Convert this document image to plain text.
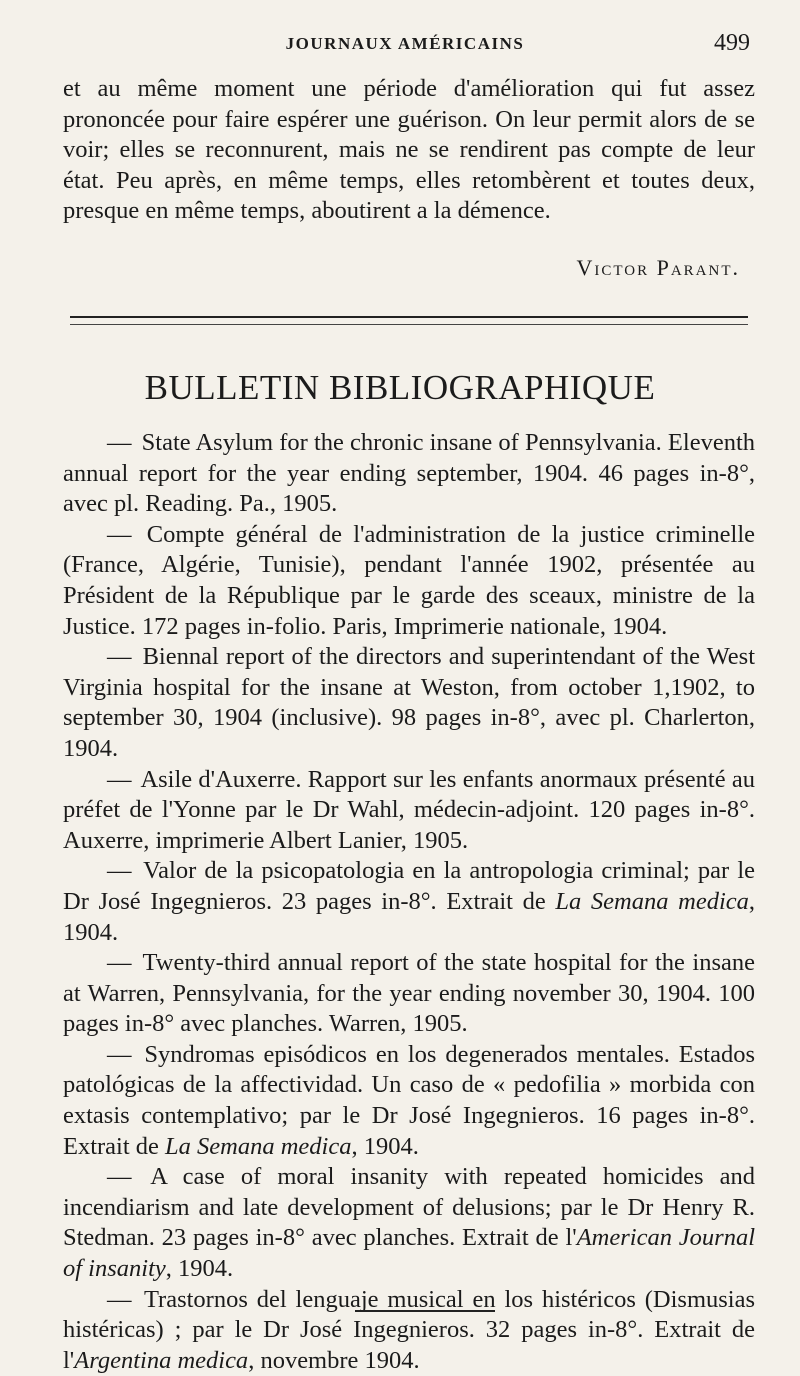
JOURNAUX AMÉRICAINS	499

et au même moment une période d'amélioration qui fut assez prononcée pour faire espérer une guérison. On leur permit alors de se voir; elles se reconnurent, mais ne se rendirent pas compte de leur état. Peu après, en même temps, elles retombèrent et toutes deux, presque en même temps, aboutirent a la démence.

Victor Parant.
BULLETIN BIBLIOGRAPHIQUE

— State Asylum for the chronic insane of Pennsylvania. Eleventh annual report for the year ending september, 1904. 46 pages in-8°, avec pl. Reading. Pa., 1905.

— Compte général de l'administration de la justice criminelle (France, Algérie, Tunisie), pendant l'année 1902, présentée au Président de la République par le garde des sceaux, ministre de la Justice. 172 pages in-folio. Paris, Imprimerie nationale, 1904.

— Biennal report of the directors and superintendant of the West Virginia hospital for the insane at Weston, from october 1,1902, to september 30, 1904 (inclusive). 98 pages in-8°, avec pl. Charlerton, 1904.

— Asile d'Auxerre. Rapport sur les enfants anormaux présenté au préfet de l'Yonne par le Dr Wahl, médecin-adjoint. 120 pages in-8°. Auxerre, imprimerie Albert Lanier, 1905.

— Valor de la psicopatologia en la antropologia criminal; par le Dr José Ingegnieros. 23 pages in-8°. Extrait de La Semana medica, 1904.

— Twenty-third annual report of the state hospital for the insane at Warren, Pennsylvania, for the year ending november 30, 1904. 100 pages in-8° avec planches. Warren, 1905.

— Syndromas episódicos en los degenerados mentales. Estados patológicas de la affectividad. Un caso de « pedofilia » morbida con extasis contemplativo; par le Dr José Ingegnieros. 16 pages in-8°. Extrait de La Semana medica, 1904.

— A case of moral insanity with repeated homicides and incendiarism and late development of delusions; par le Dr Henry R. Stedman. 23 pages in-8° avec planches. Extrait de l'American Journal of insanity, 1904.

— Trastornos del lenguaje musical en los histéricos (Dismusias histéricas) ; par le Dr José Ingegnieros. 32 pages in-8°. Extrait de l'Argentina medica, novembre 1904.
